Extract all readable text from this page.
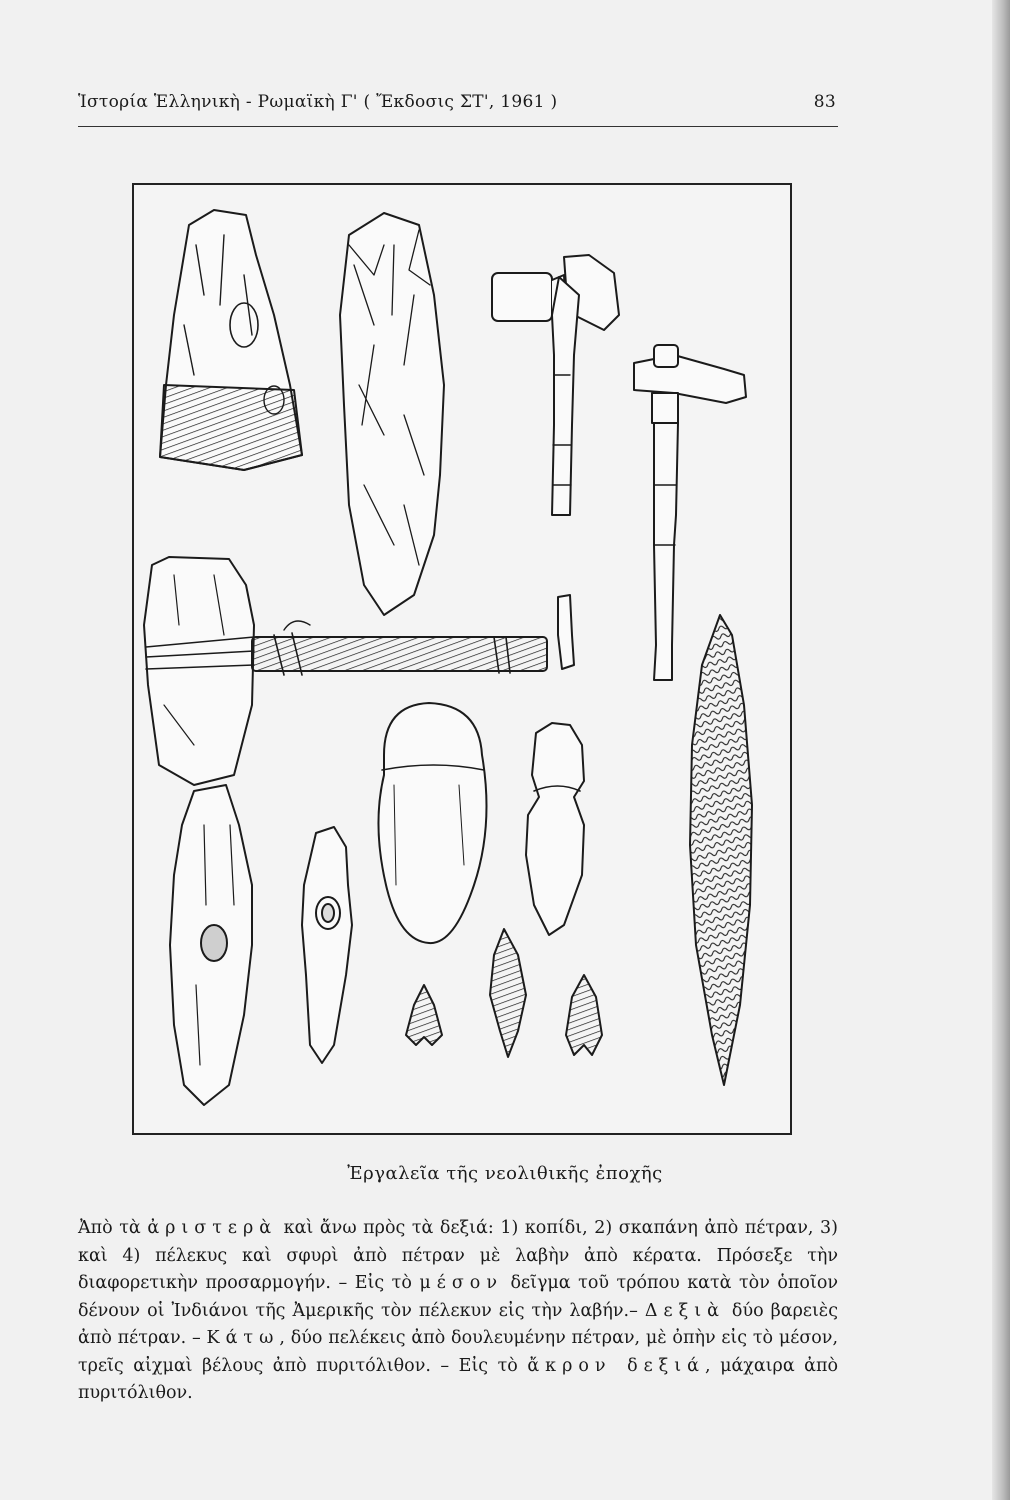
Ἱστορία Ἑλληνικὴ - Ρωμαϊκὴ Γ' ( Ἔκδοσις ΣΤ', 1961 )	83
Ἐργαλεῖα τῆς νεολιθικῆς ἐποχῆς
Ἀπὸ τὰ ἀριστερὰ καὶ ἄνω πρὸς τὰ δεξιά: 1) κοπίδι, 2) σκαπάνη ἀπὸ πέτραν, 3) καὶ 4) πέλεκυς καὶ σφυρὶ ἀπὸ πέτραν μὲ λαβὴν ἀπὸ κέρατα. Πρόσεξε τὴν διαφορετικὴν προσαρμογήν. – Εἰς τὸ μέσον δεῖγμα τοῦ τρόπου κατὰ τὸν ὁποῖον δένουν οἱ Ἰνδιάνοι τῆς Ἀμερικῆς τὸν πέλεκυν εἰς τὴν λαβήν.– Δεξιὰ δύο βαρειὲς ἀπὸ πέτραν. – Κάτω, δύο πελέκεις ἀπὸ δουλευμένην πέτραν, μὲ ὀπὴν εἰς τὸ μέσον, τρεῖς αἰχμαὶ βέλους ἀπὸ πυριτόλιθον. – Εἰς τὸ ἄκρον δεξιά, μάχαιρα ἀπὸ πυριτόλιθον.
